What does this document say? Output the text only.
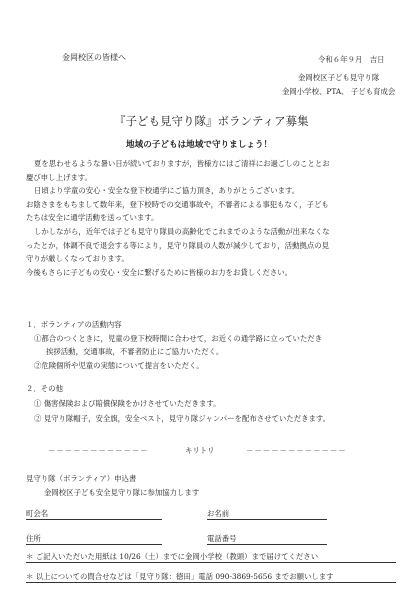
金岡校区の皆様へ	令和６年９月　吉日
金岡校区子ども見守り隊
金岡小学校、PTA、 子ども育成会
『子ども見守り隊』ボランティア募集
地域の子どもは地域で守りましょう！
夏を思わせるような暑い日が続いておりますが，皆様方にはご清祥にお過ごしのこととお
慶び申し上げます。
日頃より学童の安心・安全な登下校通学にご協力頂き，ありがとうございます。
お陰さまをもちまして数年来，登下校時での交通事故や，不審者による事犯もなく，子ども
たちは安全に通学活動を送っています。
しかしながら，近年では子ども見守り隊員の高齢化でこれまでのような活動が出来なくな
ったとか，体調不良で退会する等により，見守り隊員の人数が減少しており，活動拠点の見
守りが厳しくなっております。
今後もさらに子どもの安心・安全に繋げるために皆様のお力をお貸しください。
１．ボランティアの活動内容
①都合のつくときに，児童の登下校時間に合わせて，お近くの通学路に立っていただき
挨拶活動，交通事故，不審者防止にご協力いただく。
②危険個所や児童の実態について提言をいただく。
２．その他
① 傷害保険および賠償保険をかけさせていただきます。
② 見守り隊帽子，安全旗，安全ベスト，見守り隊ジャンパーを配布させていただきます。
－－－－－－－－－－－－	キリトリ	－－－－－－－－－－－－
見守り隊（ボランティア）申込書
金岡校区子ども安全見守り隊に参加協力します
町会名	お名前
住所	電話番号
＊ ご記入いただいた用紙は 10/26（土）までに金岡小学校（教頭）まで届けてください
＊ 以上についての問合せなどは「見守り隊：徳田」電話 090-3869-5656 までお願いします
